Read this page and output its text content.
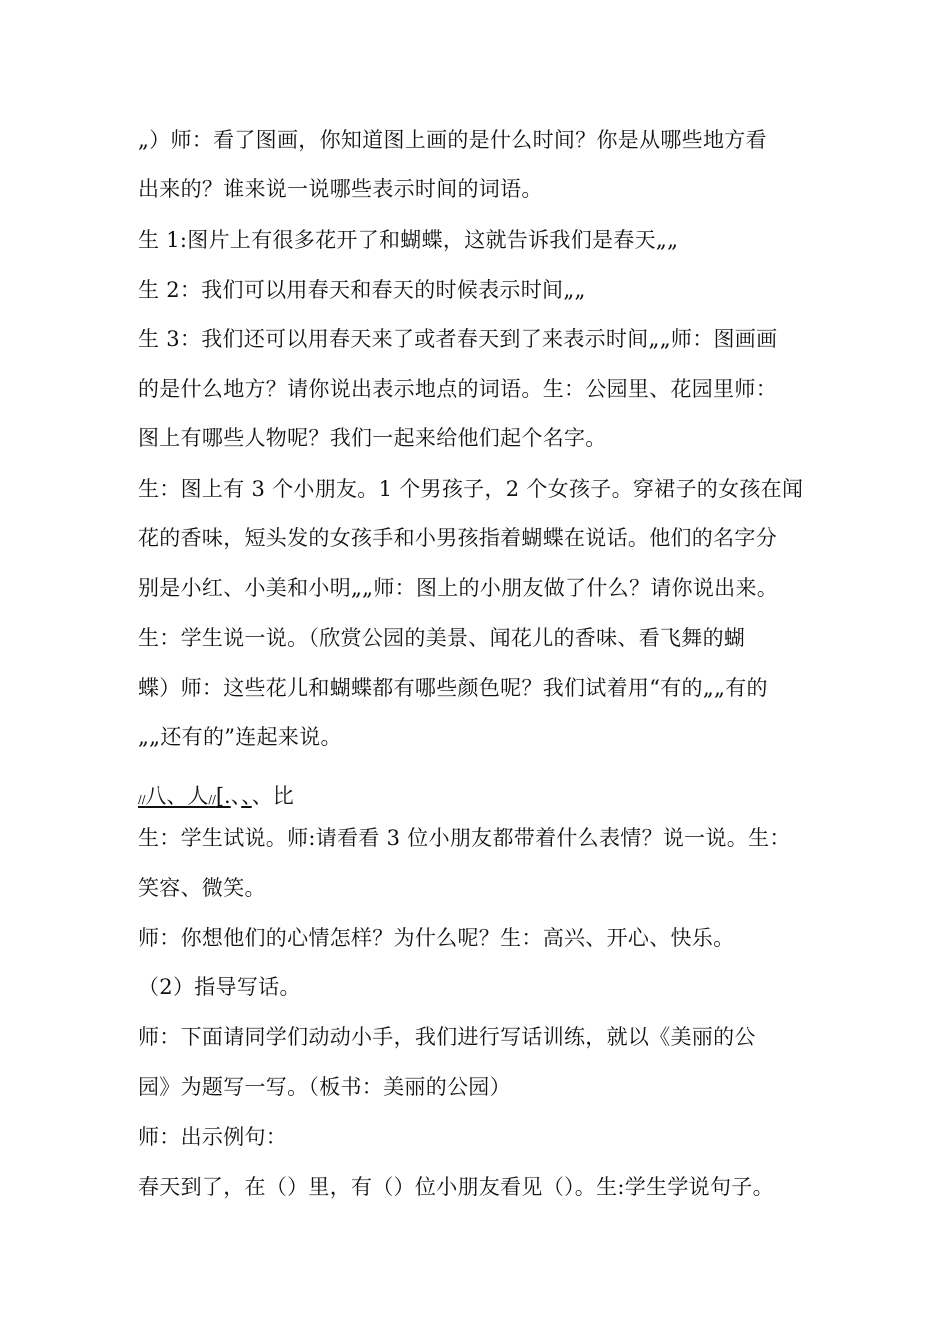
„）师：看了图画，你知道图上画的是什么时间？你是从哪些地方看
出来的？谁来说一说哪些表示时间的词语。
生 1:图片上有很多花开了和蝴蝶，这就告诉我们是春天„„
生 2：我们可以用春天和春天的时候表示时间„„
生 3：我们还可以用春天来了或者春天到了来表示时间„„师：图画画
的是什么地方？请你说出表示地点的词语。生：公园里、花园里师：
图上有哪些人物呢？我们一起来给他们起个名字。
生：图上有 3 个小朋友。1 个男孩子，2 个女孩子。穿裙子的女孩在闻
花的香味，短头发的女孩手和小男孩指着蝴蝶在说话。他们的名字分
别是小红、小美和小明„„师：图上的小朋友做了什么？请你说出来。
生：学生说一说。（欣赏公园的美景、闻花儿的香味、看飞舞的蝴
蝶）师：这些花儿和蝴蝶都有哪些颜色呢？我们试着用“有的„„有的
„„还有的”连起来说。
//八、人//[.、、、比
生：学生试说。师:请看看 3 位小朋友都带着什么表情？说一说。生：
笑容、微笑。
师：你想他们的心情怎样？为什么呢？生：高兴、开心、快乐。
（2）指导写话。
师：下面请同学们动动小手，我们进行写话训练，就以《美丽的公
园》为题写一写。（板书：美丽的公园）
师：出示例句：
春天到了，在（）里，有（）位小朋友看见（）。生:学生学说句子。
